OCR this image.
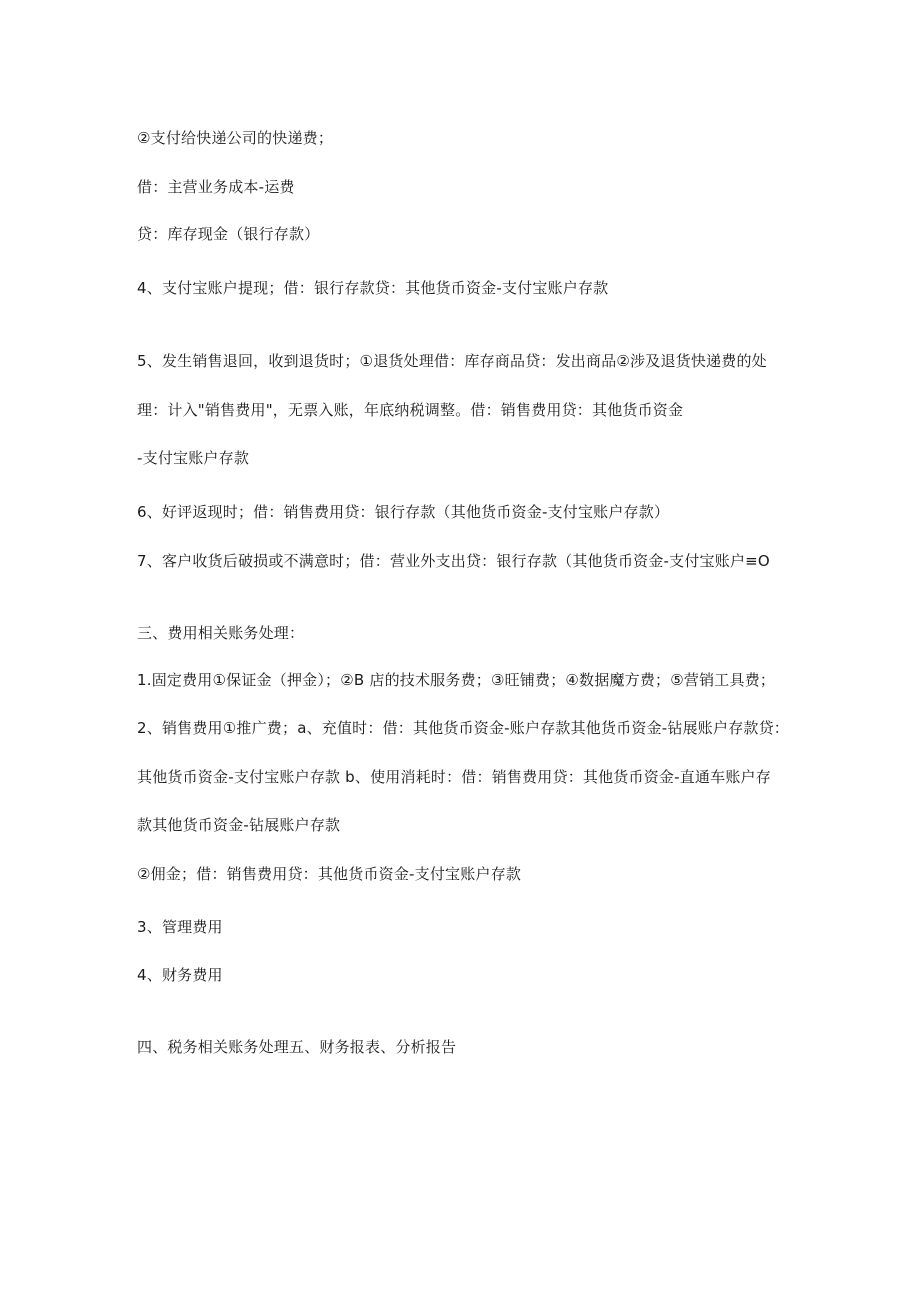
②支付给快递公司的快递费；
借：主营业务成本-运费
贷：库存现金（银行存款）
4、支付宝账户提现；借：银行存款贷：其他货币资金-支付宝账户存款
5、发生销售退回，收到退货时；①退货处理借：库存商品贷：发出商品②涉及退货快递费的处
理：计入"销售费用"，无票入账，年底纳税调整。借：销售费用贷：其他货币资金
-支付宝账户存款
6、好评返现时；借：销售费用贷：银行存款（其他货币资金-支付宝账户存款）
7、客户收货后破损或不满意时；借：营业外支出贷：银行存款（其他货币资金-支付宝账户≡O
三、费用相关账务处理：
1.固定费用①保证金（押金）；②B 店的技术服务费；③旺铺费；④数据魔方费；⑤营销工具费；
2、销售费用①推广费；a、充值时：借：其他货币资金-账户存款其他货币资金-钻展账户存款贷：
其他货币资金-支付宝账户存款 b、使用消耗时：借：销售费用贷：其他货币资金-直通车账户存
款其他货币资金-钻展账户存款
②佣金；借：销售费用贷：其他货币资金-支付宝账户存款
3、管理费用
4、财务费用
四、税务相关账务处理五、财务报表、分析报告
